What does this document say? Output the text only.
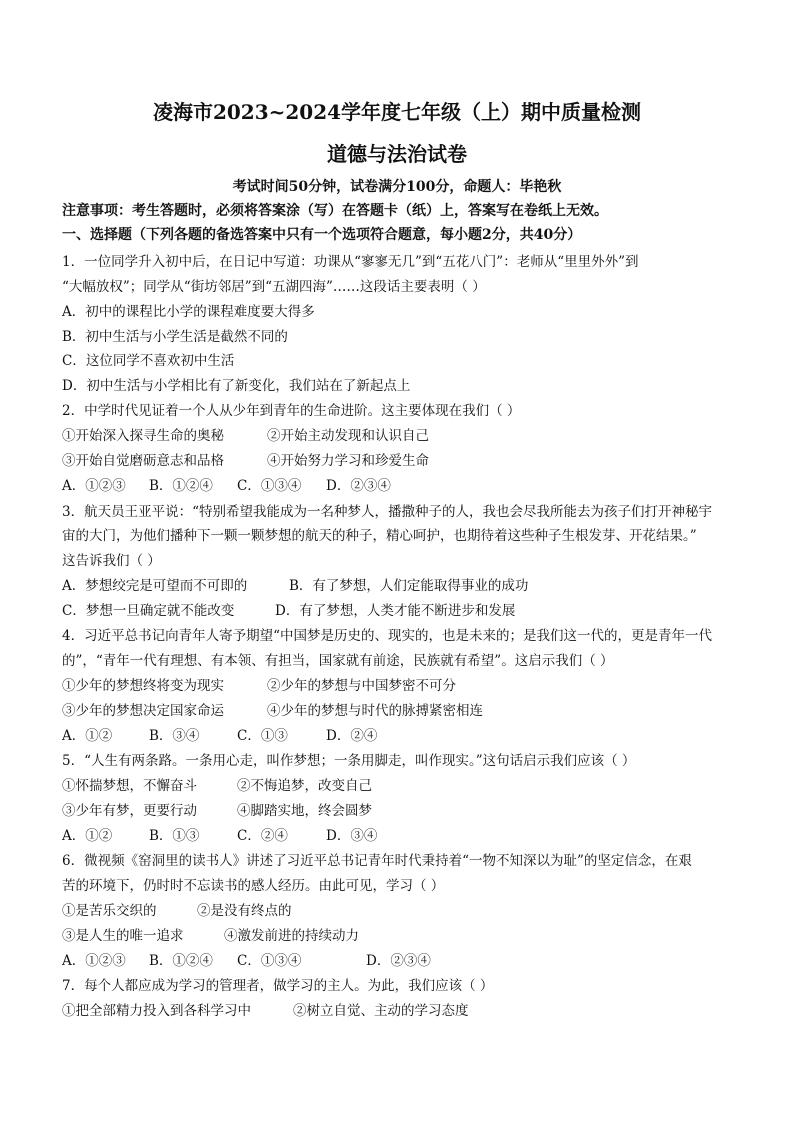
凌海市2023~2024学年度七年级（上）期中质量检测
道德与法治试卷
考试时间50分钟，试卷满分100分，命题人：毕艳秋
注意事项：考生答题时，必须将答案涂（写）在答题卡（纸）上，答案写在卷纸上无效。
一、选择题（下列各题的备选答案中只有一个选项符合题意，每小题2分，共40分）
1．一位同学升入初中后，在日记中写道：功课从“寥寥无几”到“五花八门”：老师从“里里外外”到
“大幅放权”；同学从“街坊邻居”到“五湖四海”……这段话主要表明（ ）
A．初中的课程比小学的课程难度要大得多
B．初中生活与小学生活是截然不同的
C．这位同学不喜欢初中生活
D．初中生活与小学相比有了新变化，我们站在了新起点上
2．中学时代见证着一个人从少年到青年的生命进阶。这主要体现在我们（ ）
①开始深入探寻生命的奥秘	②开始主动发现和认识自己
③开始自觉磨砺意志和品格	④开始努力学习和珍爱生命
A．①②③ B．①②④ C．①③④ D．②③④
3．航天员王亚平说：“特别希望我能成为一名种梦人，播撒种子的人，我也会尽我所能去为孩子们打开神秘宇
宙的大门，为他们播种下一颗一颗梦想的航天的种子，精心呵护，也期待着这些种子生根发芽、开花结果。”
这告诉我们（ ）
A．梦想绞完是可望而不可即的	B．有了梦想，人们定能取得事业的成功
C．梦想一旦确定就不能改变	D．有了梦想，人类才能不断进步和发展
4．习近平总书记向青年人寄予期望“中国梦是历史的、现实的，也是未来的；是我们这一代的，更是青年一代
的”，“青年一代有理想、有本领、有担当，国家就有前途，民族就有希望”。这启示我们（ ）
①少年的梦想终将变为现实	②少年的梦想与中国梦密不可分
③少年的梦想决定国家命运	④少年的梦想与时代的脉搏紧密相连
A．①②	B．③④	C．①③	D．②④
5．“人生有两条路。一条用心走，叫作梦想；一条用脚走，叫作现实。”这句话启示我们应该（ ）
①怀揣梦想，不懈奋斗	②不悔追梦，改变自己
③少年有梦，更要行动	④脚踏实地，终会圆梦
A．①②	B．①③	C．②④	D．③④
6．微视频《窑洞里的读书人》讲述了习近平总书记青年时代秉持着“一物不知深以为耻”的坚定信念，在艰
苦的环境下，仍时时不忘读书的感人经历。由此可见，学习（ ）
①是苦乐交织的	②是没有终点的
③是人生的唯一追求	④激发前进的持续动力
A．①②③ B．①②④ C．①③④	D．②③④
7．每个人都应成为学习的管理者，做学习的主人。为此，我们应该（ ）
①把全部精力投入到各科学习中	②树立自觉、主动的学习态度
